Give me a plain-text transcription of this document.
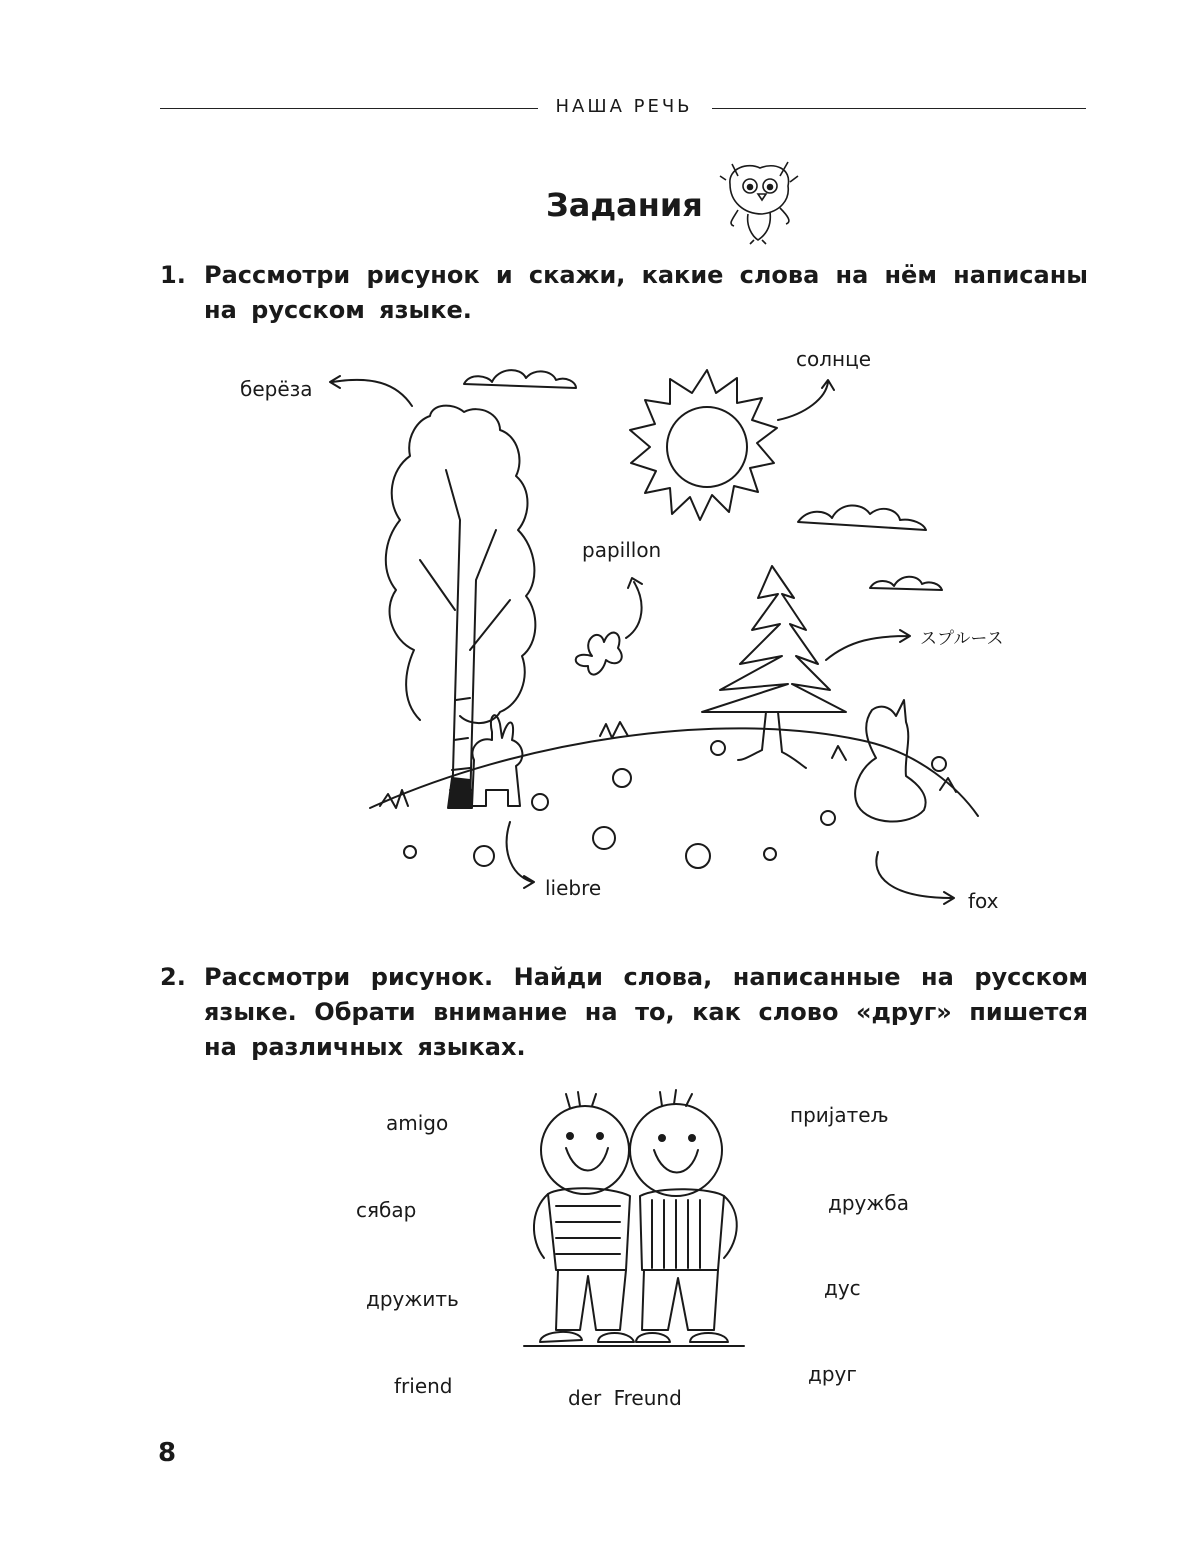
НАША РЕЧЬ
Задания
1. Рассмотри рисунок и скажи, какие слова на нём написаны на русском языке.
берёза
солнце
papillon
スプルース
liebre
fox
2. Рассмотри рисунок. Найди слова, написанные на русском языке. Обрати внимание на то, как слово «друг» пишется на различных языках.
amigo
сябар
дружить
friend	der Freund
пријатељ
дружба
дус
друг
8
